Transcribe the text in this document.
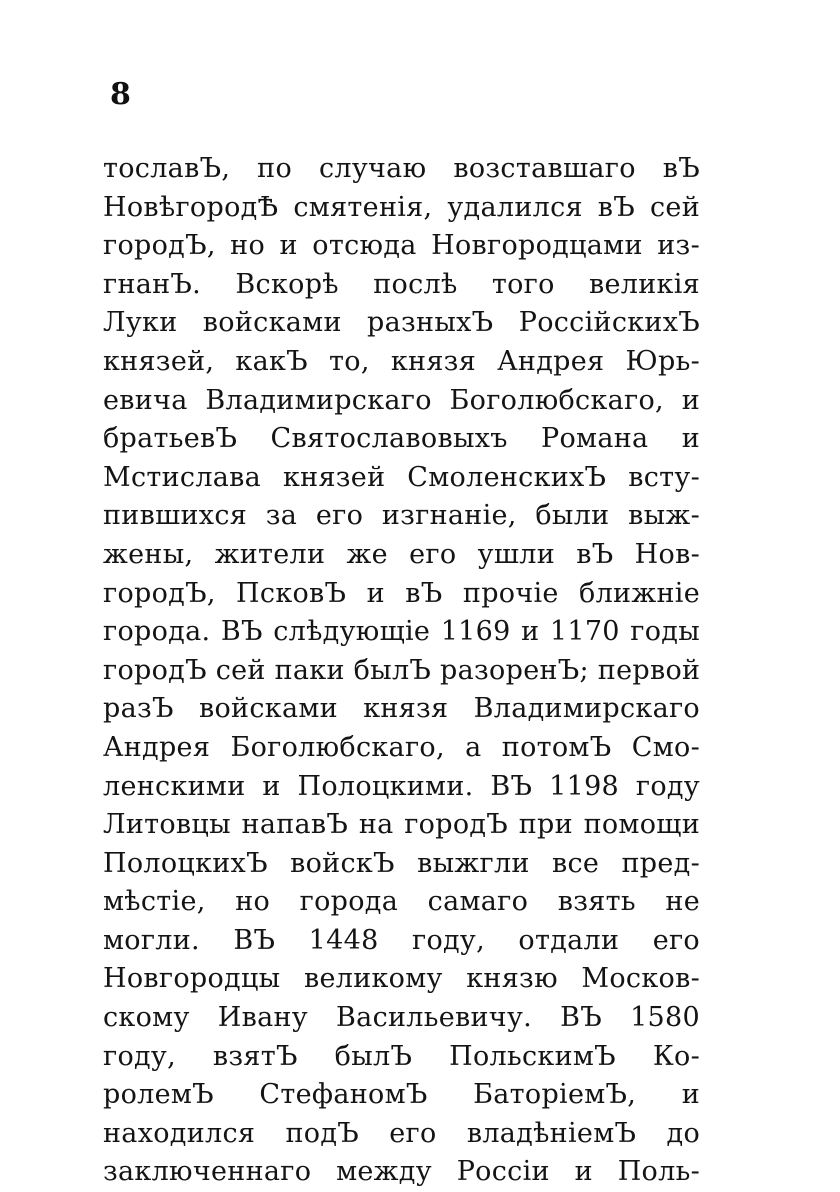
8
тославЪ, по случаю возставшаго вЪ
НовѣгородѢ смятенія, удалился вЪ сей
городЪ, но и отсюда Новгородцами из-
гнанЪ. Вскорѣ послѣ того великія
Луки войсками разныхЪ РоссійскихЪ
князей, какЪ то, князя Андрея Юрь-
евича Владимирскаго Боголюбскаго, и
братьевЪ Святославовыхъ Романа и
Мстислава князей СмоленскихЪ всту-
пившихся за его изгнаніе, были выж-
жены, жители же его ушли вЪ Нов-
городЪ, ПсковЪ и вЪ прочіе ближніе
города. ВЪ слѣдующіе 1169 и 1170 годы
городЪ сей паки былЪ разоренЪ; первой
разЪ войсками князя Владимирскаго
Андрея Боголюбскаго, а потомЪ Смо-
ленскими и Полоцкими. ВЪ 1198 году
Литовцы напавЪ на городЪ при помощи
ПолоцкихЪ войскЪ выжгли все пред-
мѣстіе, но города самаго взять не
могли. ВЪ 1448 году, отдали его
Новгородцы великому князю Москов-
скому Ивану Васильевичу. ВЪ 1580
году, взятЪ былЪ ПольскимЪ Ко-
ролемЪ СтефаномЪ БаторіемЪ, и
находился подЪ его владѣніемЪ до
заключеннаго между Россіи и Поль-
